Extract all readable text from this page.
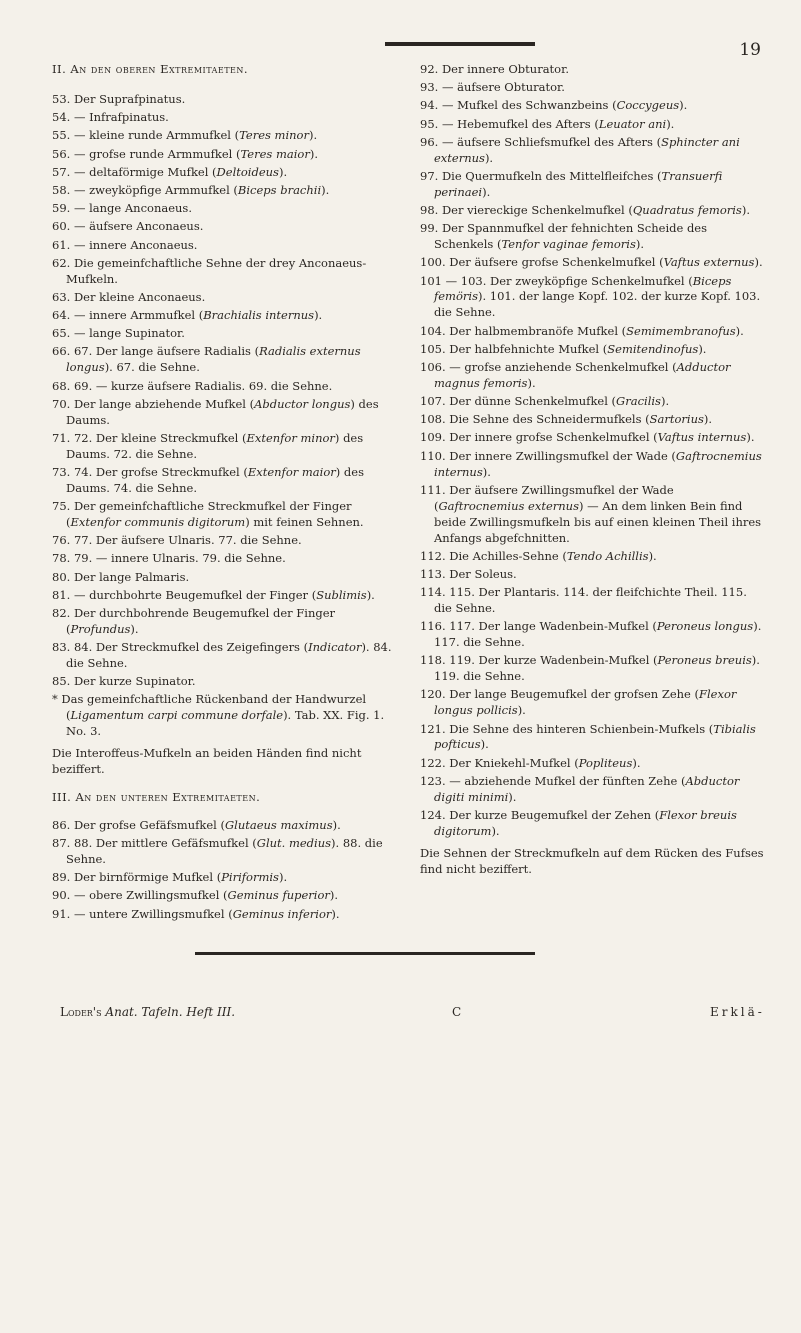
19
II. An den oberen Extremitaeten.
53. Der Suprafpinatus.
54. — Infrafpinatus.
55. — kleine runde Armmufkel (Teres minor).
56. — grofse runde Armmufkel (Teres maior).
57. — deltaförmige Mufkel (Deltoideus).
58. — zweyköpfige Armmufkel (Biceps brachii).
59. — lange Anconaeus.
60. — äufsere Anconaeus.
61. — innere Anconaeus.
62. Die gemeinfchaftliche Sehne der drey Anconaeus-Mufkeln.
63. Der kleine Anconaeus.
64. — innere Armmufkel (Brachialis internus).
65. — lange Supinator.
66. 67. Der lange äufsere Radialis (Radialis externus longus). 67. die Sehne.
68. 69. — kurze äufsere Radialis. 69. die Sehne.
70. Der lange abziehende Mufkel (Abductor longus) des Daums.
71. 72. Der kleine Streckmufkel (Extenfor minor) des Daums. 72. die Sehne.
73. 74. Der grofse Streckmufkel (Extenfor maior) des Daums. 74. die Sehne.
75. Der gemeinfchaftliche Streckmufkel der Finger (Extenfor communis digitorum) mit feinen Sehnen.
76. 77. Der äufsere Ulnaris. 77. die Sehne.
78. 79. — innere Ulnaris. 79. die Sehne.
80. Der lange Palmaris.
81. — durchbohrte Beugemufkel der Finger (Sublimis).
82. Der durchbohrende Beugemufkel der Finger (Profundus).
83. 84. Der Streckmufkel des Zeigefingers (Indicator). 84. die Sehne.
85. Der kurze Supinator.
* Das gemeinfchaftliche Rückenband der Handwurzel (Ligamentum carpi commune dorfale). Tab. XX. Fig. 1. No. 3.
Die Interoffeus-Mufkeln an beiden Händen find nicht beziffert.
III. An den unteren Extremitaeten.
86. Der grofse Gefäfsmufkel (Glutaeus maximus).
87. 88. Der mittlere Gefäfsmufkel (Glut. medius). 88. die Sehne.
89. Der birnförmige Mufkel (Piriformis).
90. — obere Zwillingsmufkel (Geminus fuperior).
91. — untere Zwillingsmufkel (Geminus inferior).
92. Der innere Obturator.
93. — äufsere Obturator.
94. — Mufkel des Schwanzbeins (Coccygeus).
95. — Hebemufkel des Afters (Leuator ani).
96. — äufsere Schliefsmufkel des Afters (Sphincter ani externus).
97. Die Quermufkeln des Mittelfleifches (Transuerfi perinaei).
98. Der viereckige Schenkelmufkel (Quadratus femoris).
99. Der Spannmufkel der fehnichten Scheide des Schenkels (Tenfor vaginae femoris).
100. Der äufsere grofse Schenkelmufkel (Vaftus externus).
101 — 103. Der zweyköpfige Schenkelmufkel (Biceps femöris). 101. der lange Kopf. 102. der kurze Kopf. 103. die Sehne.
104. Der halbmembranöfe Mufkel (Semimembranofus).
105. Der halbfehnichte Mufkel (Semitendinofus).
106. — grofse anziehende Schenkelmufkel (Adductor magnus femoris).
107. Der dünne Schenkelmufkel (Gracilis).
108. Die Sehne des Schneidermufkels (Sartorius).
109. Der innere grofse Schenkelmufkel (Vaftus internus).
110. Der innere Zwillingsmufkel der Wade (Gaftrocnemius internus).
111. Der äufsere Zwillingsmufkel der Wade (Gaftrocnemius externus) — An dem linken Bein find beide Zwillingsmufkeln bis auf einen kleinen Theil ihres Anfangs abgefchnitten.
112. Die Achilles-Sehne (Tendo Achillis).
113. Der Soleus.
114. 115. Der Plantaris. 114. der fleifchichte Theil. 115. die Sehne.
116. 117. Der lange Wadenbein-Mufkel (Peroneus longus). 117. die Sehne.
118. 119. Der kurze Wadenbein-Mufkel (Peroneus breuis). 119. die Sehne.
120. Der lange Beugemufkel der grofsen Zehe (Flexor longus pollicis).
121. Die Sehne des hinteren Schienbein-Mufkels (Tibialis pofticus).
122. Der Kniekehl-Mufkel (Popliteus).
123. — abziehende Mufkel der fünften Zehe (Abductor digiti minimi).
124. Der kurze Beugemufkel der Zehen (Flexor breuis digitorum).
Die Sehnen der Streckmufkeln auf dem Rücken des Fufses find nicht beziffert.
Loder's Anat. Tafeln. Heft III.	C	Erklä-
